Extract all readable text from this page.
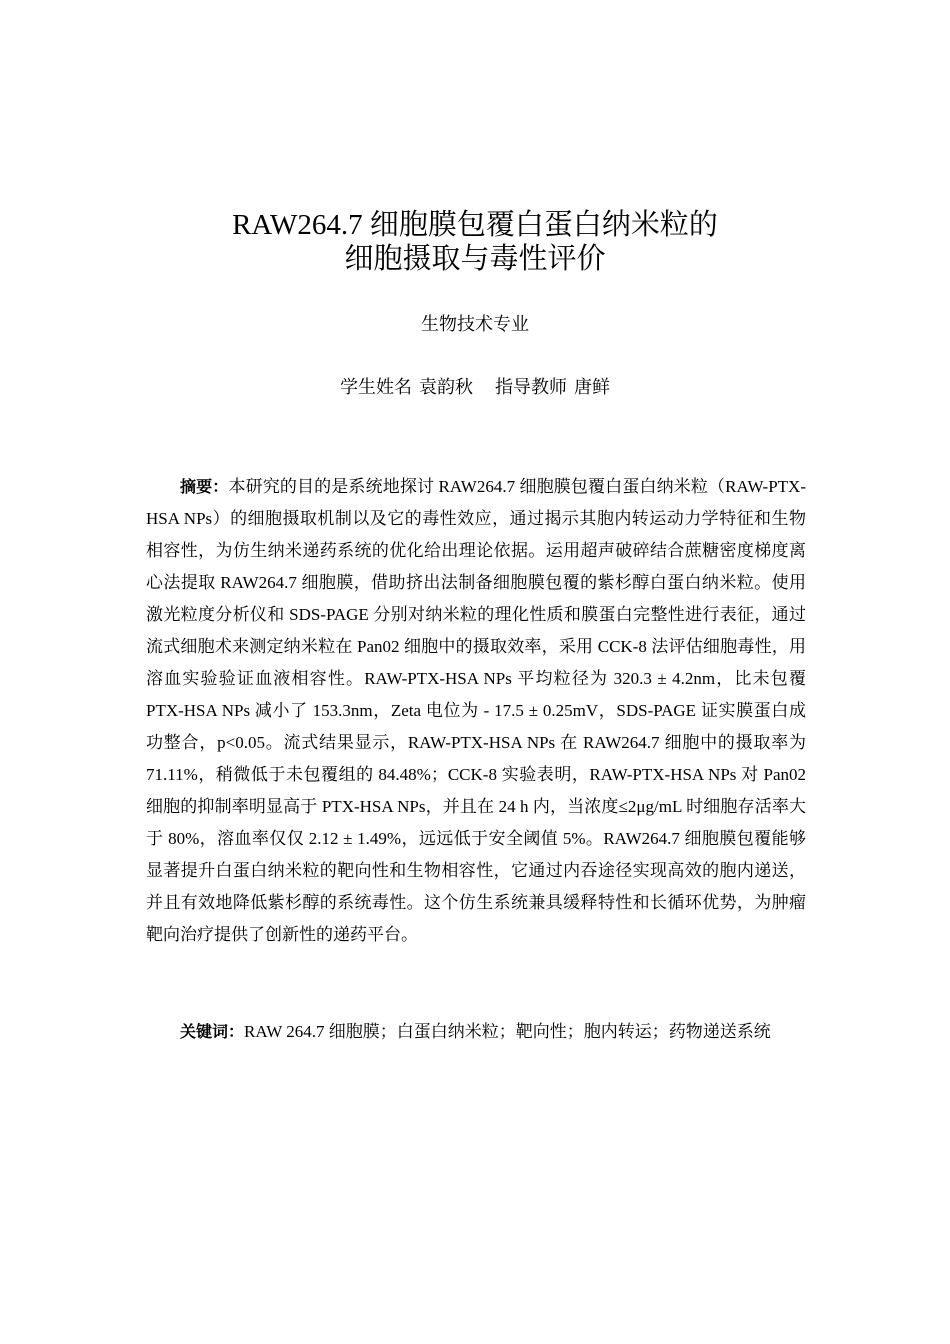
RAW264.7 细胞膜包覆白蛋白纳米粒的
细胞摄取与毒性评价
生物技术专业
学生姓名 袁韵秋 指导教师 唐鲜

摘要：本研究的目的是系统地探讨 RAW264.7 细胞膜包覆白蛋白纳米粒（RAW-PTX-HSA NPs）的细胞摄取机制以及它的毒性效应，通过揭示其胞内转运动力学特征和生物相容性，为仿生纳米递药系统的优化给出理论依据。运用超声破碎结合蔗糖密度梯度离心法提取 RAW264.7 细胞膜，借助挤出法制备细胞膜包覆的紫杉醇白蛋白纳米粒。使用激光粒度分析仪和 SDS-PAGE 分别对纳米粒的理化性质和膜蛋白完整性进行表征，通过流式细胞术来测定纳米粒在 Pan02 细胞中的摄取效率，采用 CCK-8 法评估细胞毒性，用溶血实验验证血液相容性。RAW-PTX-HSA NPs 平均粒径为 320.3 ± 4.2nm，比未包覆 PTX-HSA NPs 减小了 153.3nm，Zeta 电位为 - 17.5 ± 0.25mV，SDS-PAGE 证实膜蛋白成功整合，p<0.05。流式结果显示，RAW-PTX-HSA NPs 在 RAW264.7 细胞中的摄取率为 71.11%，稍微低于未包覆组的 84.48%；CCK-8 实验表明，RAW-PTX-HSA NPs 对 Pan02 细胞的抑制率明显高于 PTX-HSA NPs，并且在 24 h 内，当浓度≤2μg/mL 时细胞存活率大于 80%，溶血率仅仅 2.12 ± 1.49%，远远低于安全阈值 5%。RAW264.7 细胞膜包覆能够显著提升白蛋白纳米粒的靶向性和生物相容性，它通过内吞途径实现高效的胞内递送，并且有效地降低紫杉醇的系统毒性。这个仿生系统兼具缓释特性和长循环优势，为肿瘤靶向治疗提供了创新性的递药平台。

关键词：RAW 264.7 细胞膜；白蛋白纳米粒；靶向性；胞内转运；药物递送系统
